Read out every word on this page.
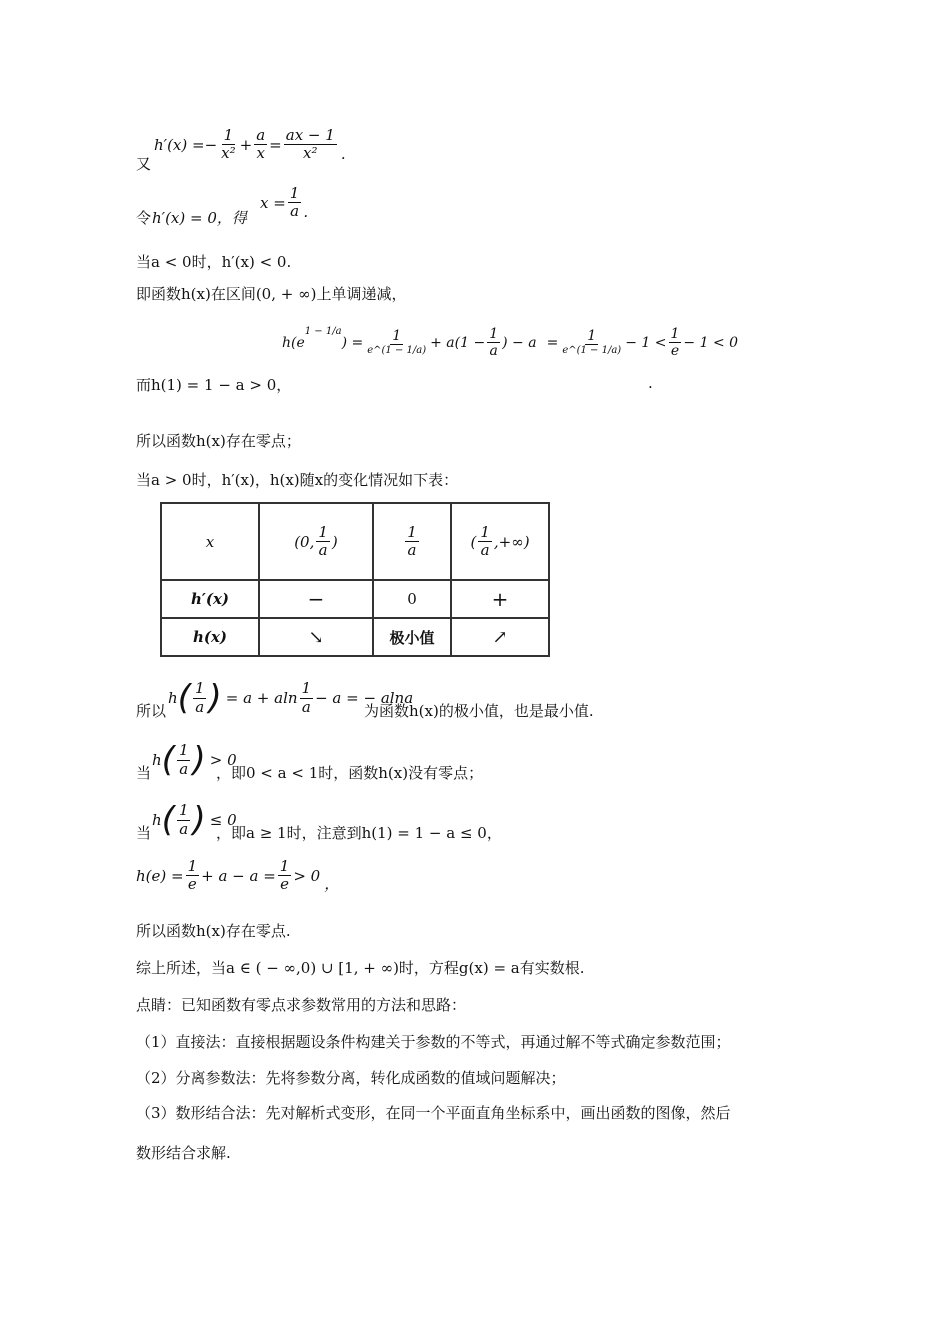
又
h′(x) = − $\frac{1}{\text{x²}} + \frac{a}{x} = \frac{ax - 1}{\text{x²}}$ .
令 h′(x) = 0，得
$x = \frac{1}{a}$ .
当a < 0时，h′(x) < 0.
即函数h(x)在区间(0, + ∞)上单调递减，
而h(1) = 1 − a > 0，
h(e
$^{1 - 1/a}$
) = $\frac{1}{e\^{}(1 - 1/a)} + a(1 - \frac{1}{a}$ ) − $a = \frac{1}{e\^{}(1 - 1/a)} - 1 < \frac{1}{e} - 1 < 0$
.
所以函数h(x)存在零点；
当a > 0时，h′(x)，h(x)随x的变化情况如下表：
x	(0, $\frac{1}{a}$ )	$\frac{1}{a}$	( $\frac{1}{a}$ ,+∞)

h′(x)	−	0	+
h(x)	↘	极小值	↗
所以
h ( $\frac{1}{a}$ ) = a + aln $\frac{1}{a} - a$ = − alna
为函数h(x)的极小值，也是最小值.
当
h ( $\frac{1}{a}$ ) > 0
，即0 < a < 1时，函数h(x)没有零点；
当
h ( $\frac{1}{a}$ ) ≤ 0
，即a ≥ 1时，注意到h(1) = 1 − a ≤ 0，
$h(e) = \frac{1}{e} + a - a = \frac{1}{e} > 0$ ，
所以函数h(x)存在零点.
综上所述，当a ∈ ( − ∞,0) ∪ [1, + ∞)时，方程g(x) = a有实数根.
点睛：已知函数有零点求参数常用的方法和思路：
（1）直接法：直接根据题设条件构建关于参数的不等式，再通过解不等式确定参数范围；
（2）分离参数法：先将参数分离，转化成函数的值域问题解决；
（3）数形结合法：先对解析式变形，在同一个平面直角坐标系中，画出函数的图像，然后
数形结合求解.
